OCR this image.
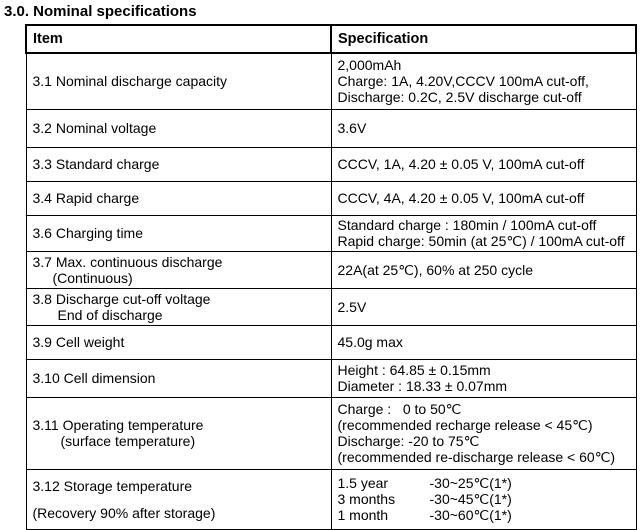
3.0. Nominal specifications
Item	Specification

3.1 Nominal discharge capacity	2,000mAh
Charge: 1A, 4.20V,CCCV 100mA cut-off,
Discharge: 0.2C, 2.5V discharge cut-off

3.2 Nominal voltage	3.6V

3.3 Standard charge	CCCV, 1A, 4.20 ± 0.05 V, 100mA cut-off

3.4 Rapid charge	CCCV, 4A, 4.20 ± 0.05 V, 100mA cut-off

3.6 Charging time	Standard charge : 180min / 100mA cut-off
Rapid charge: 50min (at 25℃) / 100mA cut-off

3.7 Max. continuous discharge
(Continuous)	22A(at 25℃), 60% at 250 cycle

3.8 Discharge cut-off voltage
End of discharge	2.5V

3.9 Cell weight	45.0g max

3.10 Cell dimension	Height : 64.85 ± 0.15mm
Diameter : 18.33 ± 0.07mm

3.11 Operating temperature
(surface temperature)	Charge :   0 to 50℃
(recommended recharge release < 45℃)
Discharge: -20 to 75℃
(recommended re-discharge release < 60℃)

3.12 Storage temperature
(Recovery 90% after storage)	1.5 year -30~25℃(1*)
3 months -30~45℃(1*)
1 month -30~60℃(1*)
